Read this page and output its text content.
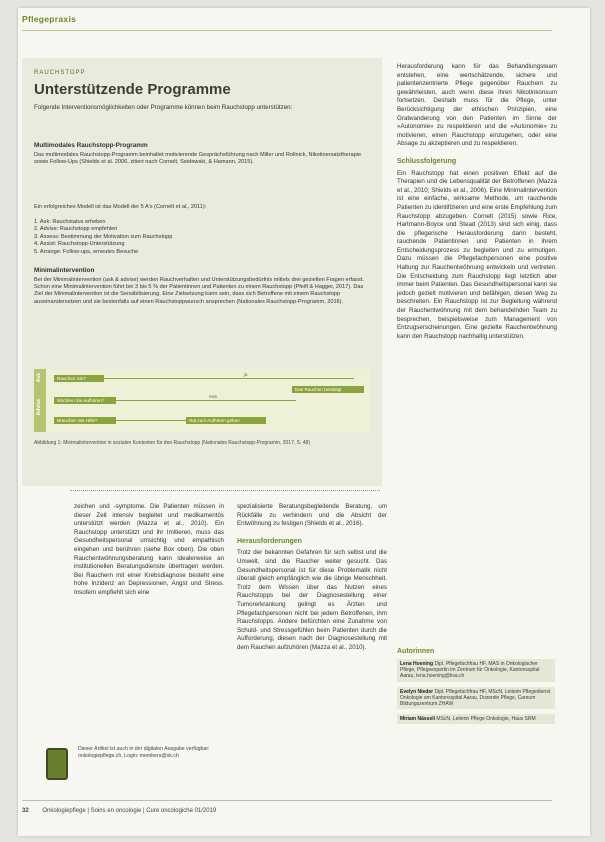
Pflegepraxis
RAUCHSTOPP
Unterstützende Programme
Folgende Interventionsmöglichkeiten oder Programme können beim Rauchstopp unterstützen:
Multimodales Rauchstopp-Programm
Das multimodales Rauchstopp-Programm beinhaltet motivierende Gesprächsführung nach Miller und Rollnick, Nikotinersatztherapie sowie Follow-Ups (Shields et al. 2006, zitiert nach Cornelt, Seidewski, & Hamann, 2015).
Ein erfolgreiches Modell ist das Modell der 5 A's (Cornelt et al., 2011):
1. Ask: Rauchstatus erheben
2. Advise: Rauchstopp empfehlen
3. Assess: Bestimmung der Motivation zum Rauchstopp
4. Assist: Rauchstopp-Unterstützung
5. Arrange: Follow-ups, erneutes Besuche
Minimalintervention
Bei der Minimalintervention (ask & advise) werden Rauchverhalten und Unterstützungsbedürfnis mittels drei gezielten Fragen erfasst. Schon eine Minimalintervention führt bei 3 bis 5 % der Patientinnen und Patienten zu einem Rauchstopp (Pfeifl & Hagger, 2017). Das Ziel der Minimalintervention ist die Sensibilisierung. Eine Zielsetzung kann sein, dass sich Betroffene mit einem Rauchstopp auseinandersetzen und sie bestenfalls auf einen Rauchstoppwunsch ansprechen (Nationales Rauchstopp-Programm, 2016).
Ask
Advise
Rauchen Sie?
ja
Das Rauchen bestätigt
Möchten Sie aufhören?
nein
Brauchen Sie Hilfe?	Rat zum Aufhören geben
Abbildung 1: Minimalintervention in sozialen Kontexten für den Rauchstopp (Nationales Rauchstopp-Programm, 2017, S. 48)

Herausforderung kann für das Behandlungsteam entstehen, eine wertschätzende, sichere und patientenzentrierte Pflege gegenüber Rauchern zu gewährleisten, auch wenn diese ihren Nikotinkonsum fortsetzen. Deshalb muss für die Pflege, unter Berücksichtigung der ethischen Prinzipien, eine Gratwanderung von den Patienten im Sinne der «Autonomie» zu respektieren und die «Autonomie» zu motivieren, einen Rauchstopp einzugehen, oder eine Absage zu akzeptieren und zu respektieren.

Schlussfolgerung

Ein Rauchstopp hat einen positiven Effekt auf die Therapien und die Lebensqualität der Betroffenen (Mazza et al., 2010; Shields et al., 2006). Eine Minimalintervention ist eine einfache, wirksame Methode, um rauchende Patienten zu identifizieren und eine erste Empfehlung zum Rauchstopp abzugeben. Cornelt (2015) sowie Rice, Hartmann-Boyce und Stead (2013) sind sich einig, dass die pflegerische Herausforderung darin besteht, rauchende Patientinnen und Patienten in ihrem Entscheidungsprozess zu begleiten und zu ermutigen. Dazu müssen die Pflegefachpersonen eine positive Haltung zur Rauchentwöhnung entwickeln und vertreten. Die Entscheidung zum Rauchstopp liegt letztlich aber immer beim Patienten. Das Gesundheitspersonal kann sie jedoch gezielt motivieren und befähigen, diesen Weg zu beschreiten. Ein Rauchstopp ist zur Begleitung während der Rauchentwöhnung mit dem behandelnden Team zu besprechen, beispielsweise zum Management von Entzugserscheinungen. Eine gezielte Rauchentwöhnung kann den Rauchstopp nachhaltig unterstützen.

zeichen und -symptome. Die Patienten müssen in dieser Zeit intensiv begleitet und medikamentös unterstützt werden (Mazza et al., 2010). Ein Rauchstopp unterstützt und ihr Imitieren, muss das Gesundheitspersonal umsichtig und empathisch eingehen und berühren (siehe Box oben). Die oben Rauchentwöhnungsberatung kann idealerweise an institutionellen Beratungsdienste übertragen werden. Bei Rauchern mit einer Krebsdiagnose besteht eine hohe Inzidenz an Depressionen, Angst und Stress. Insofern empfiehlt sich eine

spezialisierte Beratungsbegleitende Beratung, um Rückfälle zu verhindern und die Absicht der Entwöhnung zu festigen (Shields et al., 2016).

Herausforderungen

Trotz der bekannten Gefahren für sich selbst und die Umwelt, sind die Raucher weiter gesucht. Das Gesundheitspersonal ist für diese Problematik nicht überall gleich empfänglich wie die übrige Menschheit. Trotz dem Wissen über das Nutzen eines Rauchstopps bei der Diagnosestellung einer Tumorerkrankung gelingt es Ärzten und Pflegefachpersonen nicht bei jedem Betroffenen, ihm Rauchstopps. Andere befürchten eine Zunahme von Schuld- und Stressgefühlen beim Patienten durch die Aufforderung, diesen nach der Diagnosestellung mit dem Rauchen aufzuhören (Mazza et al., 2010).

Autorinnen
Lena Hoening Dipl. Pflegefachfrau HF, MAS in Onkologischer Pflege, Pflegeexpertin im Zentrum für Onkologie, Kantonsspital Aarau, lena.hoening@ksa.ch
Evelyn Nieder Dipl. Pflegefachfrau HF, MScN, Leiterin Pflegedienst Onkologie am Kantonsspital Aarau, Dozentin Pflege, Careum Bildungszentrum ZHAW
Miriam Nässeli MScN, Leiterin Pflege Onkologie, Haus SRM
Dieser Artikel ist auch in der digitalen Ausgabe verfügbar: onkologiepflege.ch, Login: members@sk.ch
32 Onkologiepflege | Soins en oncologie | Cure oncologiche 01/2019
